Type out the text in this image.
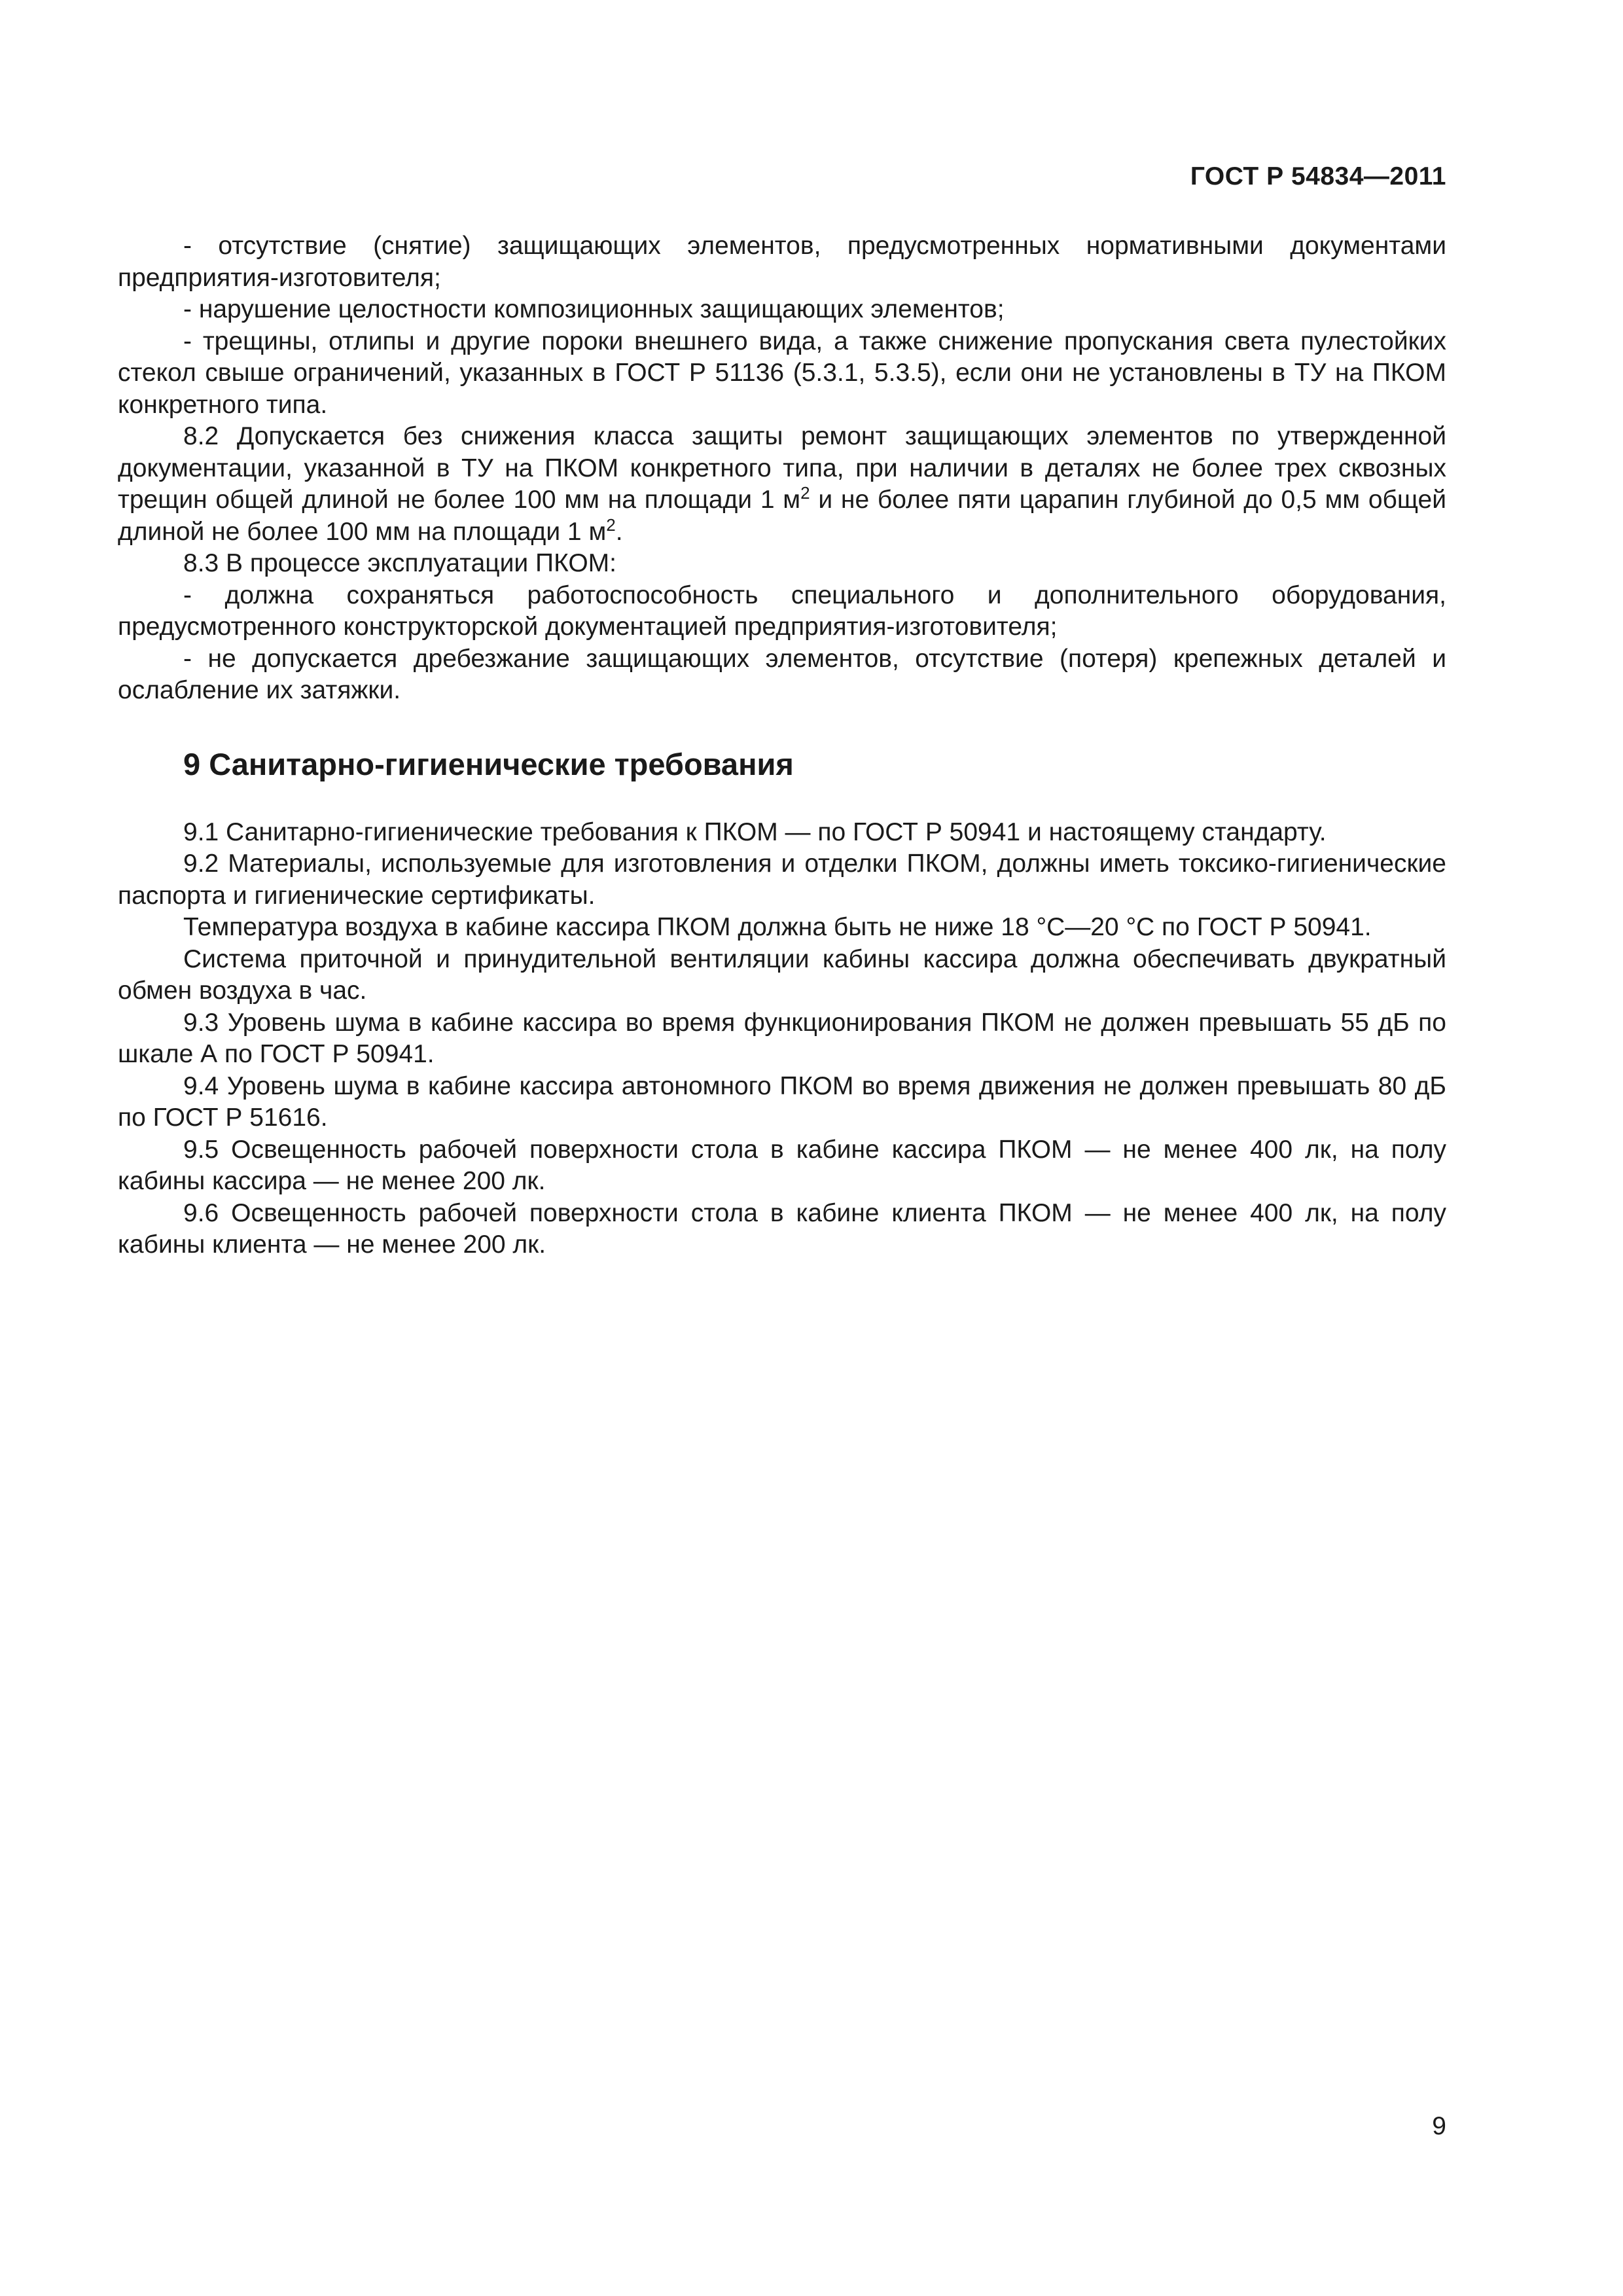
ГОСТ Р 54834—2011

- отсутствие (снятие) защищающих элементов, предусмотренных нормативными документами предприятия-изготовителя;

- нарушение целостности композиционных защищающих элементов;

- трещины, отлипы и другие пороки внешнего вида, а также снижение пропускания света пулестойких стекол свыше ограничений, указанных в ГОСТ Р 51136 (5.3.1, 5.3.5), если они не установлены в ТУ на ПКОМ конкретного типа.

8.2 Допускается без снижения класса защиты ремонт защищающих элементов по утвержденной документации, указанной в ТУ на ПКОМ конкретного типа, при наличии в деталях не более трех сквозных трещин общей длиной не более 100 мм на площади 1 $м^2$ и не более пяти царапин глубиной до 0,5 мм общей длиной не более 100 мм на площади 1 $м^2$.

8.3 В процессе эксплуатации ПКОМ:

- должна сохраняться работоспособность специального и дополнительного оборудования, предусмотренного конструкторской документацией предприятия-изготовителя;

- не допускается дребезжание защищающих элементов, отсутствие (потеря) крепежных деталей и ослабление их затяжки.

9 Санитарно-гигиенические требования

9.1 Санитарно-гигиенические требования к ПКОМ — по ГОСТ Р 50941 и настоящему стандарту.

9.2 Материалы, используемые для изготовления и отделки ПКОМ, должны иметь токсико-гигиенические паспорта и гигиенические сертификаты.

Температура воздуха в кабине кассира ПКОМ должна быть не ниже 18 °С—20 °С по ГОСТ Р 50941.

Система приточной и принудительной вентиляции кабины кассира должна обеспечивать двукратный обмен воздуха в час.

9.3 Уровень шума в кабине кассира во время функционирования ПКОМ не должен превышать 55 дБ по шкале А по ГОСТ Р 50941.

9.4 Уровень шума в кабине кассира автономного ПКОМ во время движения не должен превышать 80 дБ по ГОСТ Р 51616.

9.5 Освещенность рабочей поверхности стола в кабине кассира ПКОМ — не менее 400 лк, на полу кабины кассира — не менее 200 лк.

9.6 Освещенность рабочей поверхности стола в кабине клиента ПКОМ — не менее 400 лк, на полу кабины клиента — не менее 200 лк.

9
